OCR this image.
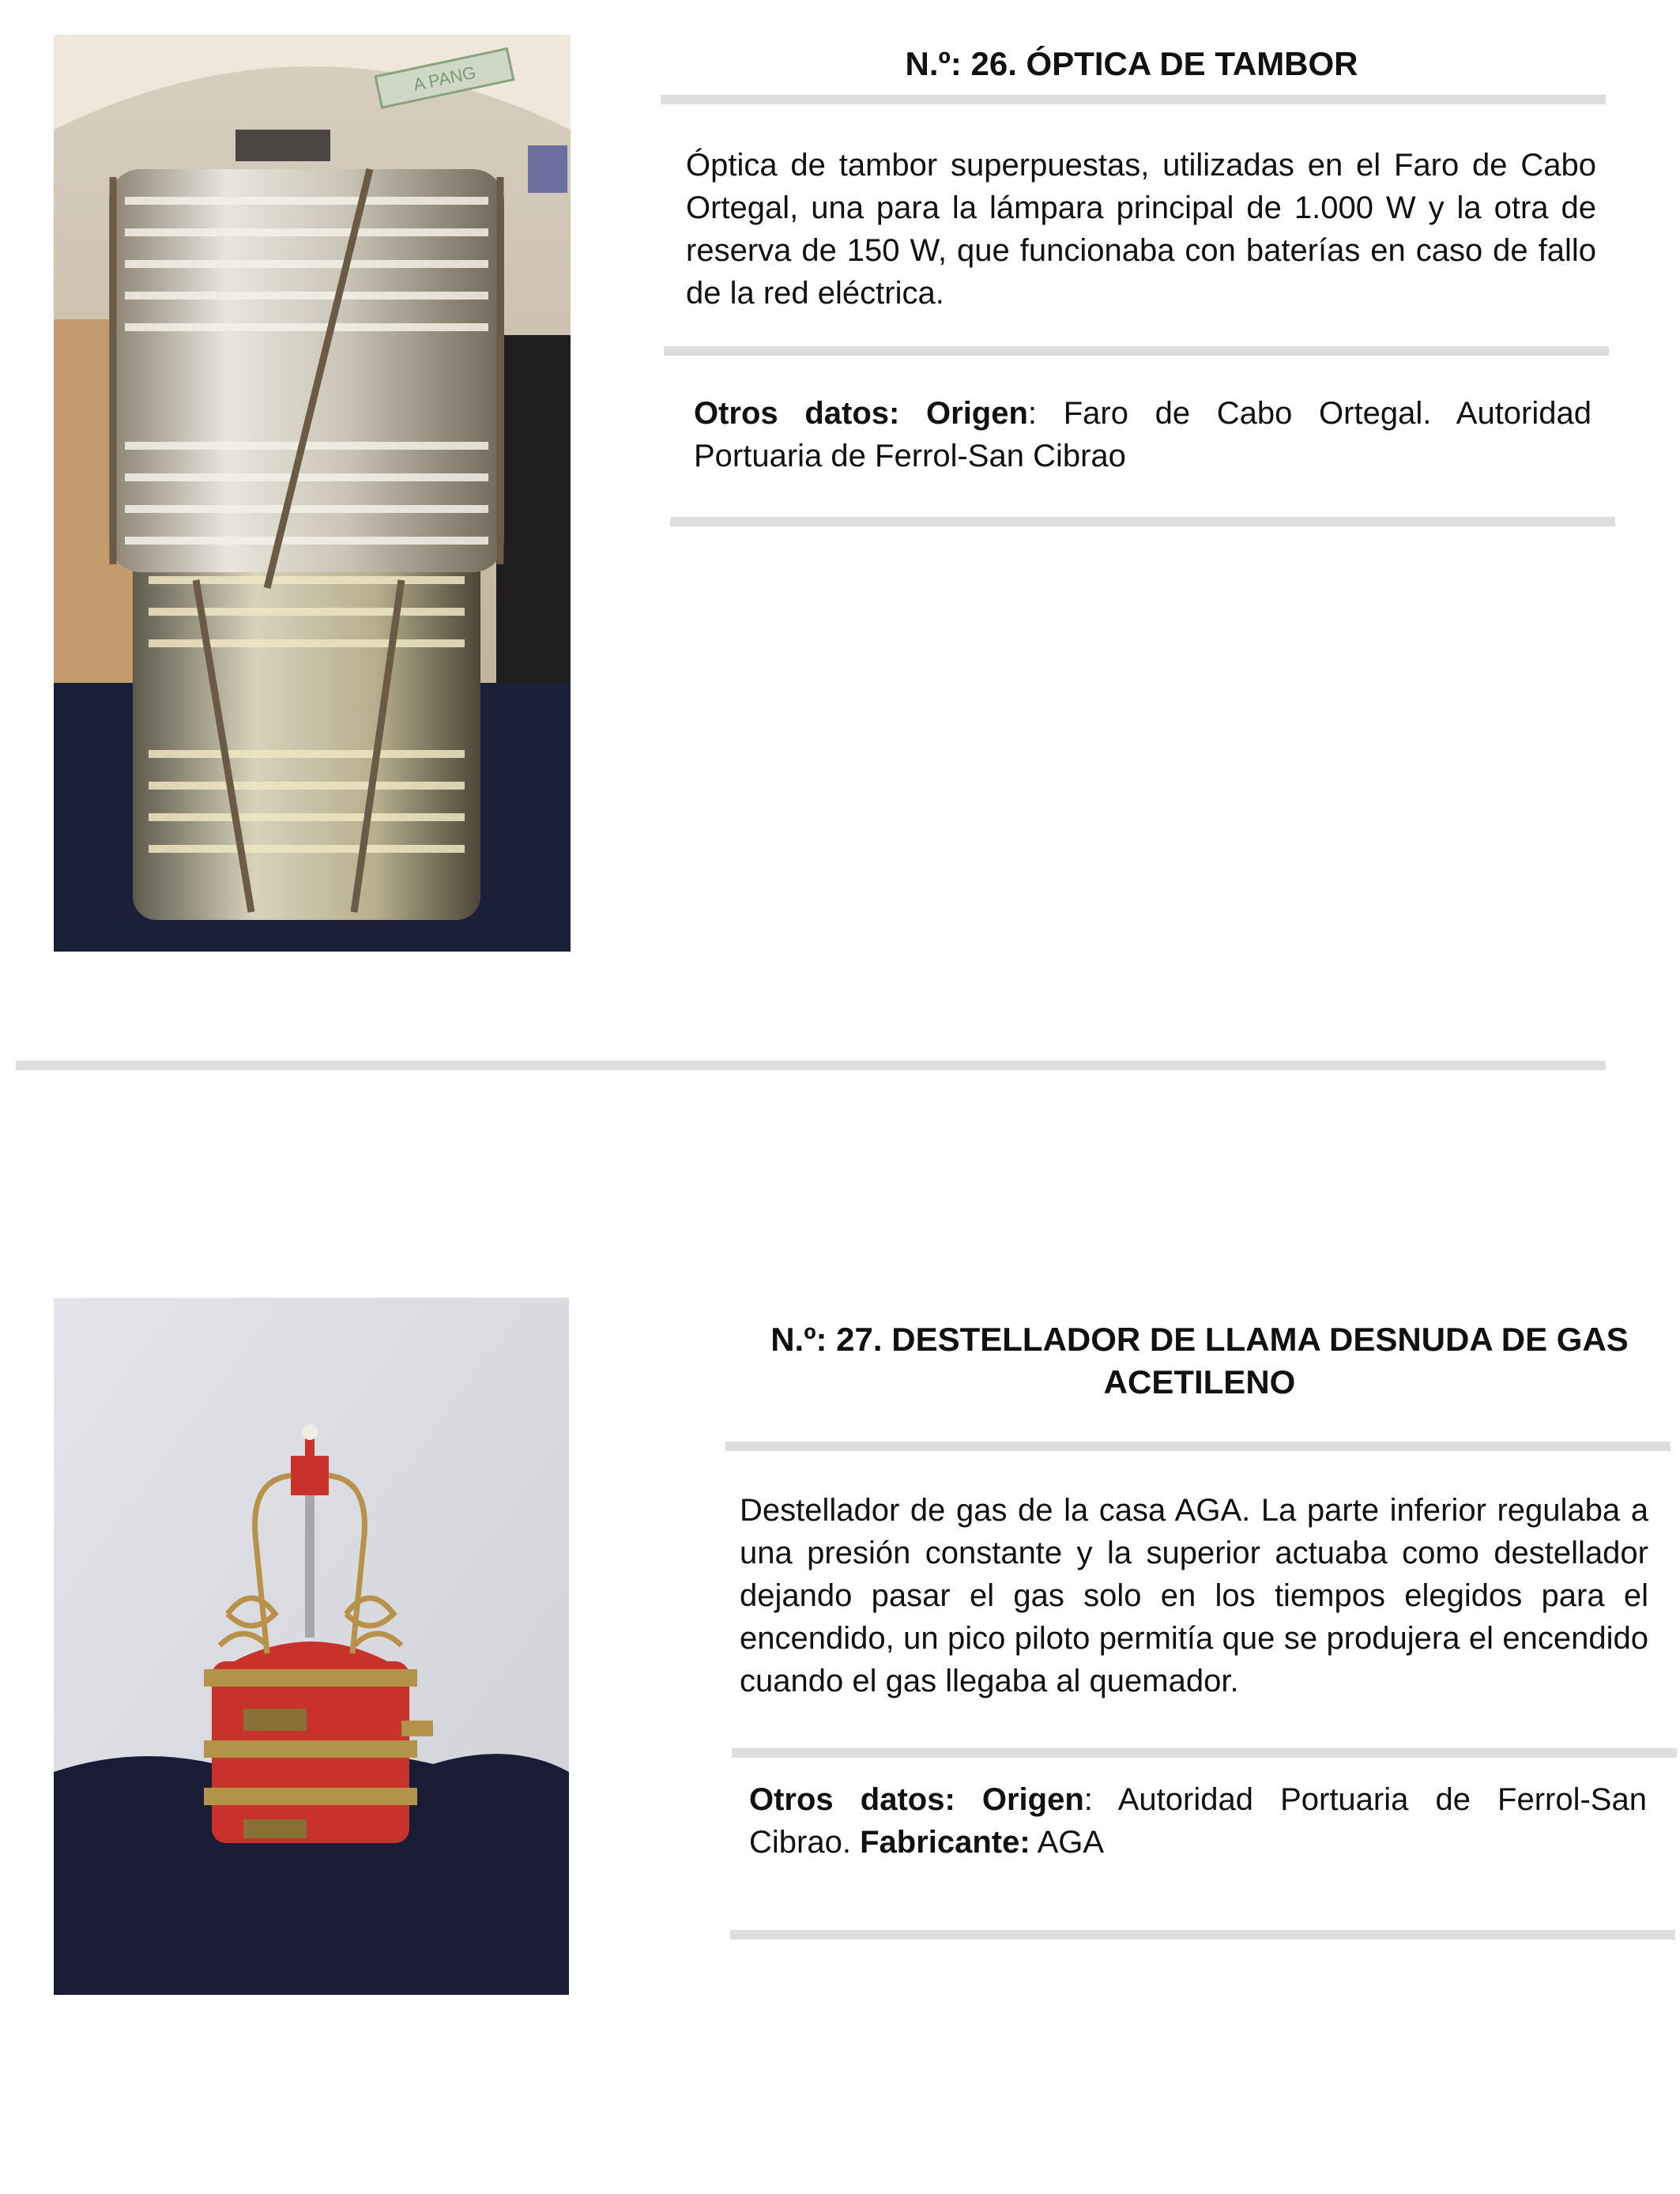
A PANG	N.º: 26. ÓPTICA DE TAMBOR
Óptica de tambor superpuestas, utilizadas en el Faro de Cabo Ortegal, una para la lámpara principal de 1.000 W y la otra de reserva de 150 W, que funcionaba con baterías en caso de fallo de la red eléctrica.
Otros datos: Origen: Faro de Cabo Ortegal. Autoridad Portuaria de Ferrol-San Cibrao
N.º: 27. DESTELLADOR DE LLAMA DESNUDA DE GAS
ACETILENO
Destellador de gas de la casa AGA. La parte inferior regulaba a una presión constante y la superior actuaba como destellador dejando pasar el gas solo en los tiempos elegidos para el encendido, un pico piloto permitía que se produjera el encendido cuando el gas llegaba al quemador.
Otros datos: Origen: Autoridad Portuaria de Ferrol-San Cibrao. Fabricante: AGA
